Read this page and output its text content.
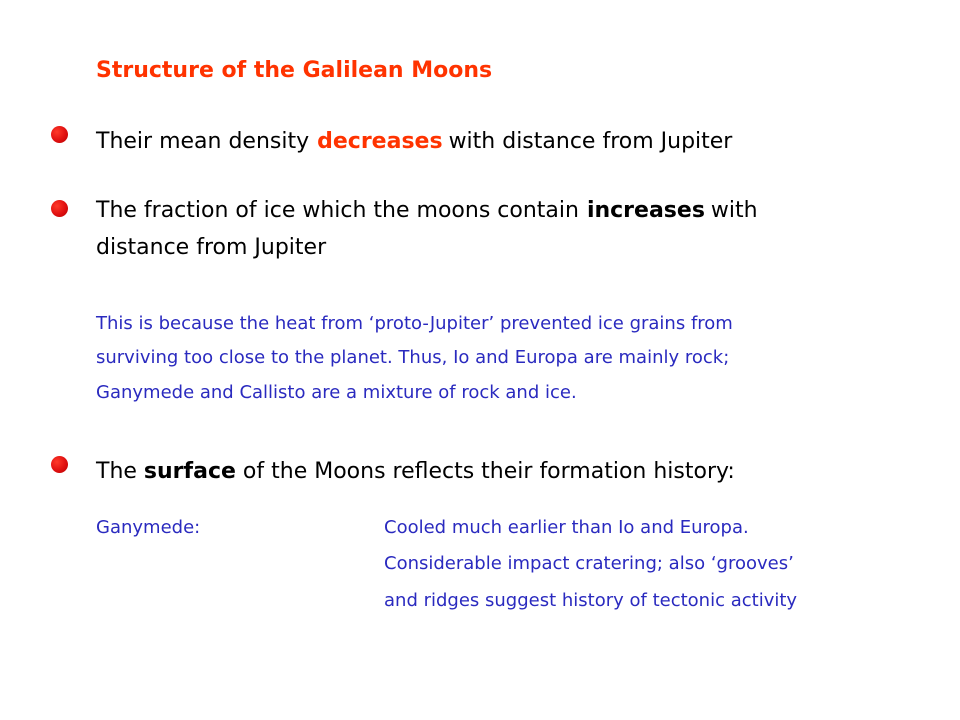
Structure of the Galilean Moons
Their mean density decreases with distance from Jupiter
The fraction of ice which the moons contain increases with
distance from Jupiter
This is because the heat from ‘proto-Jupiter’ prevented ice grains from
surviving too close to the planet. Thus, Io and Europa are mainly rock;
Ganymede and Callisto are a mixture of rock and ice.
The surface of the Moons reflects their formation history:
Ganymede:	Cooled much earlier than Io and Europa.
Considerable impact cratering; also ‘grooves’
and ridges suggest history of tectonic activity
